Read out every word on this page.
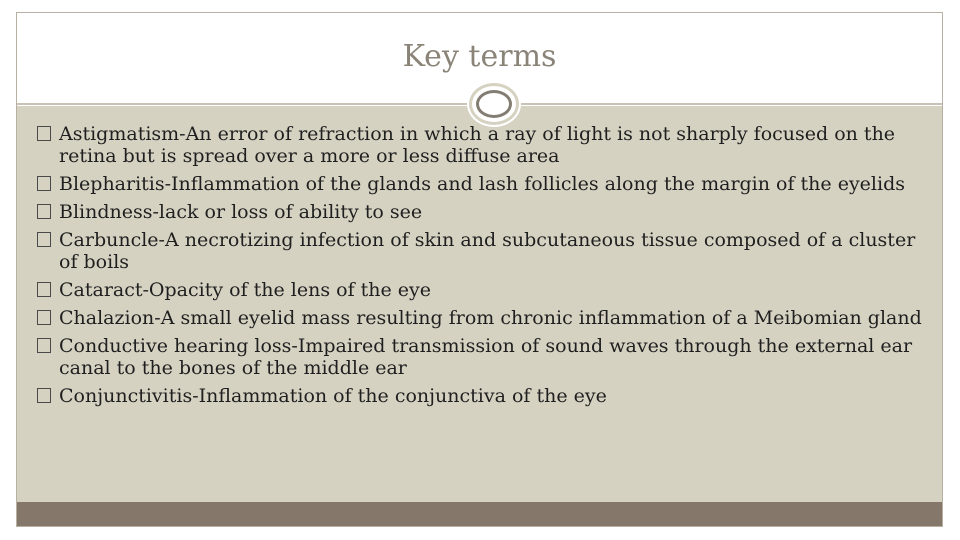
Key terms
Astigmatism-An error of refraction in which a ray of light is not sharply focused on the retina but is spread over a more or less diffuse area
Blepharitis-Inflammation of the glands and lash follicles along the margin of the eyelids
Blindness-lack or loss of ability to see
Carbuncle-A necrotizing infection of skin and subcutaneous tissue composed of a cluster of boils
Cataract-Opacity of the lens of the eye
Chalazion-A small eyelid mass resulting from chronic inflammation of a Meibomian gland
Conductive hearing loss-Impaired transmission of sound waves through the external ear canal to the bones of the middle ear
Conjunctivitis-Inflammation of the conjunctiva of the eye
